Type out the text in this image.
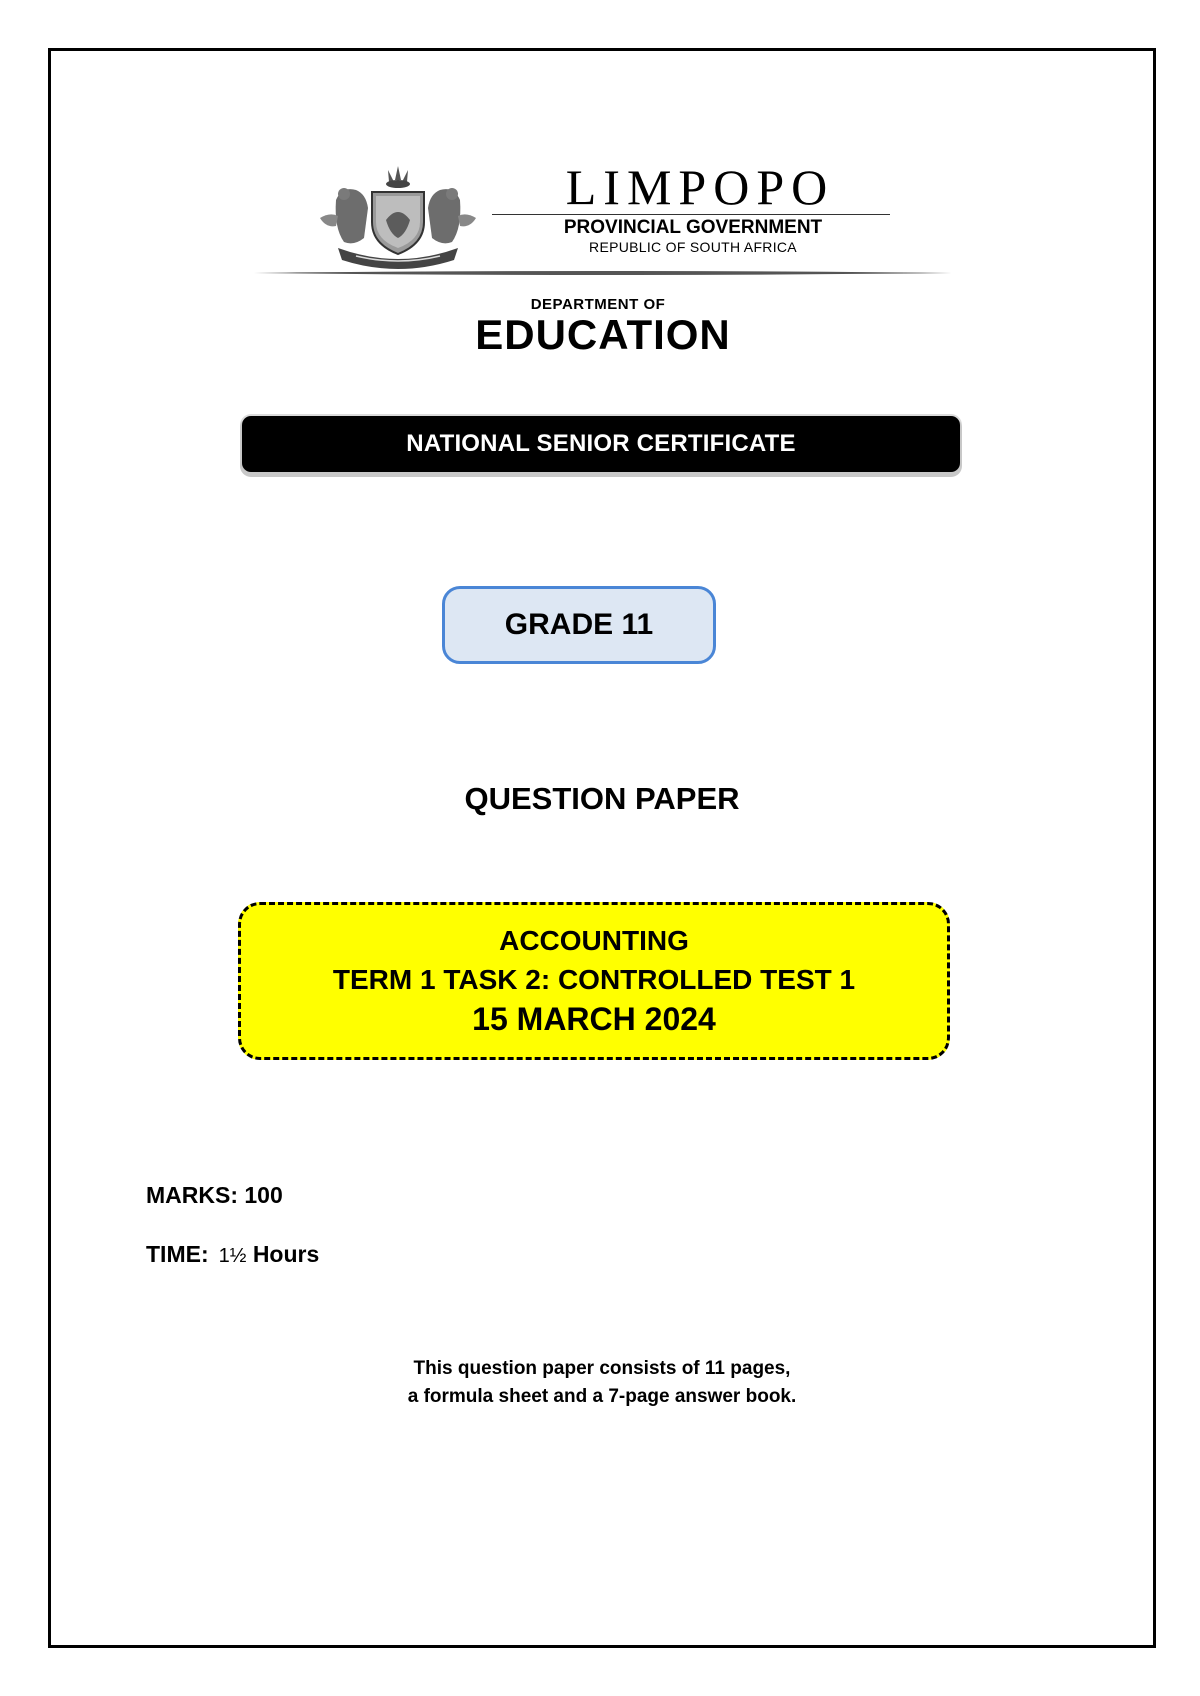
LIMPOPO
PROVINCIAL GOVERNMENT
REPUBLIC OF SOUTH AFRICA
DEPARTMENT OF
EDUCATION
NATIONAL SENIOR CERTIFICATE
GRADE 11
QUESTION PAPER
ACCOUNTING
TERM 1 TASK 2: CONTROLLED TEST 1
15 MARCH 2024
MARKS: 100
TIME: 1½ Hours
This question paper consists of 11 pages,
a formula sheet and a 7-page answer book.
